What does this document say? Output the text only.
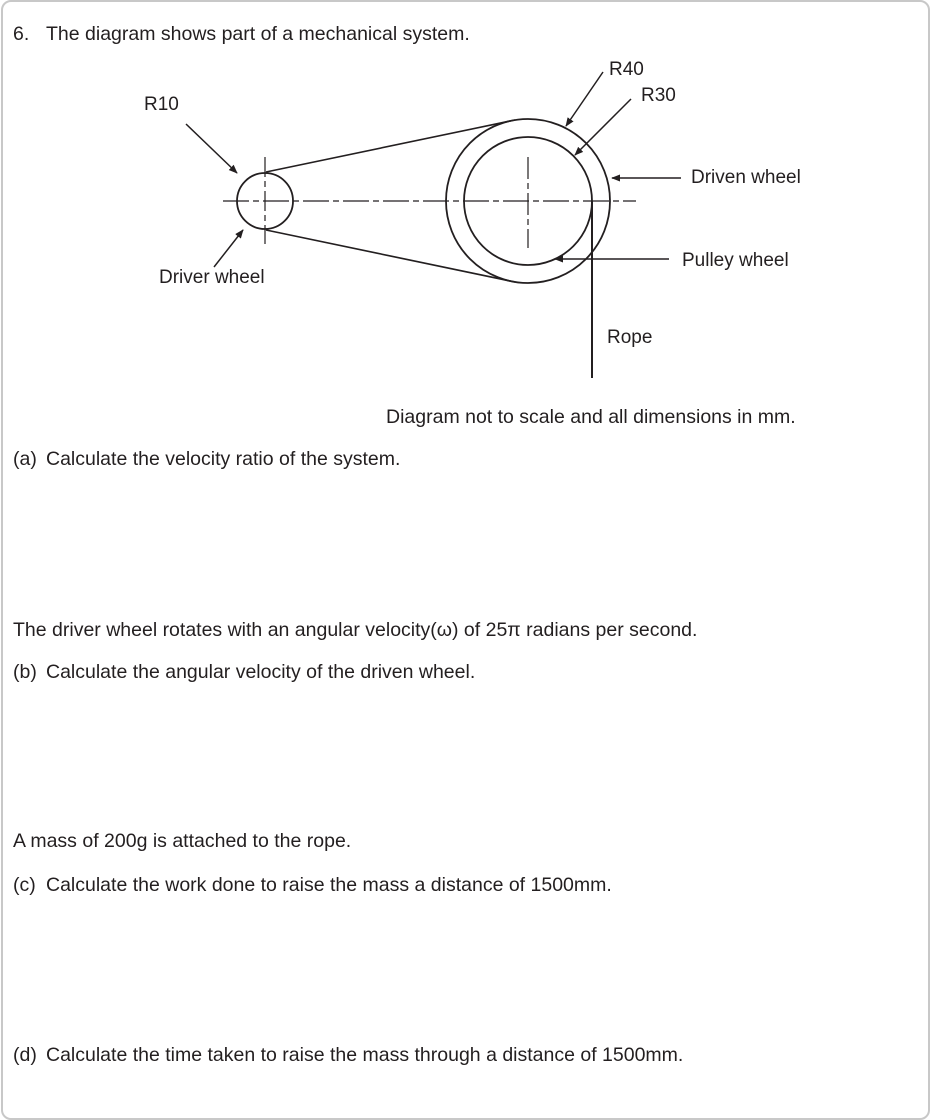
6. The diagram shows part of a mechanical system.
R40
R30
R10
Driven wheel
Pulley wheel
Driver wheel
Rope
Diagram not to scale and all dimensions in mm.
(a) Calculate the velocity ratio of the system.
The driver wheel rotates with an angular velocity(ω) of 25π radians per second.
(b) Calculate the angular velocity of the driven wheel.
A mass of 200g is attached to the rope.
(c) Calculate the work done to raise the mass a distance of 1500mm.
(d) Calculate the time taken to raise the mass through a distance of 1500mm.
